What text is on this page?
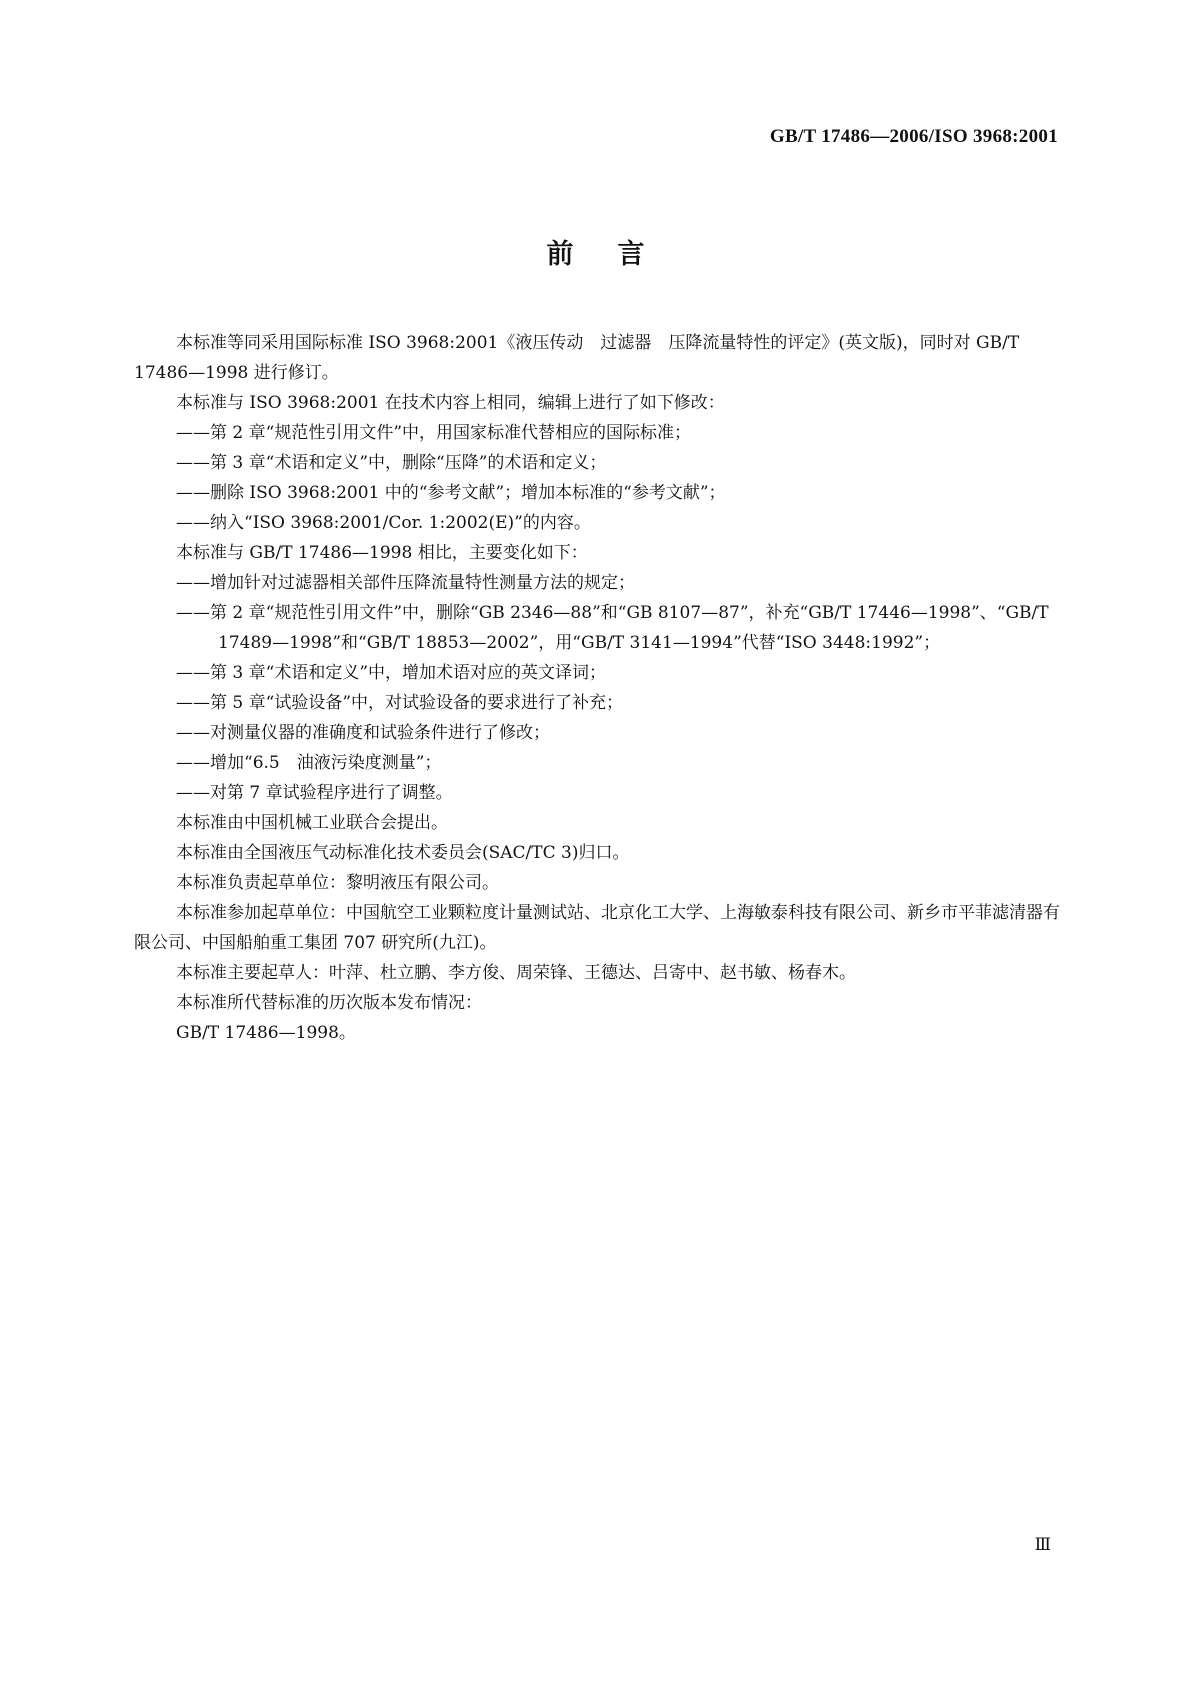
GB/T 17486—2006/ISO 3968:2001
前言

本标准等同采用国际标准 ISO 3968:2001《液压传动　过滤器　压降流量特性的评定》(英文版)，同时对 GB/T 17486—1998 进行修订。

本标准与 ISO 3968:2001 在技术内容上相同，编辑上进行了如下修改：

——第 2 章“规范性引用文件”中，用国家标准代替相应的国际标准；

——第 3 章“术语和定义”中，删除“压降”的术语和定义；

——删除 ISO 3968:2001 中的“参考文献”；增加本标准的“参考文献”；

——纳入“ISO 3968:2001/Cor. 1:2002(E)”的内容。

本标准与 GB/T 17486—1998 相比，主要变化如下：

——增加针对过滤器相关部件压降流量特性测量方法的规定；

——第 2 章“规范性引用文件”中，删除“GB 2346—88”和“GB 8107—87”，补充“GB/T 17446—1998”、“GB/T 17489—1998”和“GB/T 18853—2002”，用“GB/T 3141—1994”代替“ISO 3448:1992”；

——第 3 章“术语和定义”中，增加术语对应的英文译词；

——第 5 章“试验设备”中，对试验设备的要求进行了补充；

——对测量仪器的准确度和试验条件进行了修改；

——增加“6.5　油液污染度测量”；

——对第 7 章试验程序进行了调整。

本标准由中国机械工业联合会提出。

本标准由全国液压气动标准化技术委员会(SAC/TC 3)归口。

本标准负责起草单位：黎明液压有限公司。

本标准参加起草单位：中国航空工业颗粒度计量测试站、北京化工大学、上海敏泰科技有限公司、新乡市平菲滤清器有限公司、中国船舶重工集团 707 研究所(九江)。

本标准主要起草人：叶萍、杜立鹏、李方俊、周荣锋、王德达、吕寄中、赵书敏、杨春木。

本标准所代替标准的历次版本发布情况：

GB/T 17486—1998。

Ⅲ
